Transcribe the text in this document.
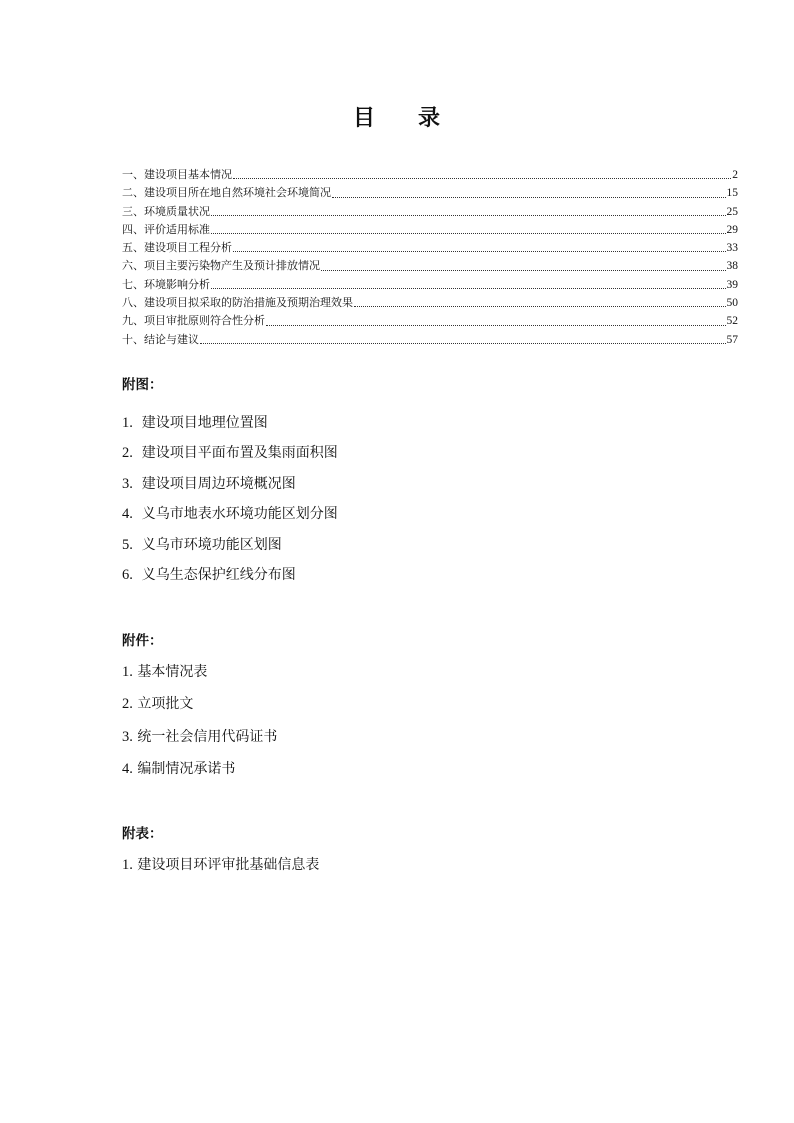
目 录
一、建设项目基本情况	2
二、建设项目所在地自然环境社会环境简况	15
三、环境质量状况	25
四、评价适用标准	29
五、建设项目工程分析	33
六、项目主要污染物产生及预计排放情况	38
七、环境影响分析	39
八、建设项目拟采取的防治措施及预期治理效果	50
九、项目审批原则符合性分析	52
十、结论与建议	57
附图：
1. 建设项目地理位置图
2. 建设项目平面布置及集雨面积图
3. 建设项目周边环境概况图
4. 义乌市地表水环境功能区划分图
5. 义乌市环境功能区划图
6. 义乌生态保护红线分布图
附件：
1. 基本情况表
2. 立项批文
3. 统一社会信用代码证书
4. 编制情况承诺书
附表：
1. 建设项目环评审批基础信息表
